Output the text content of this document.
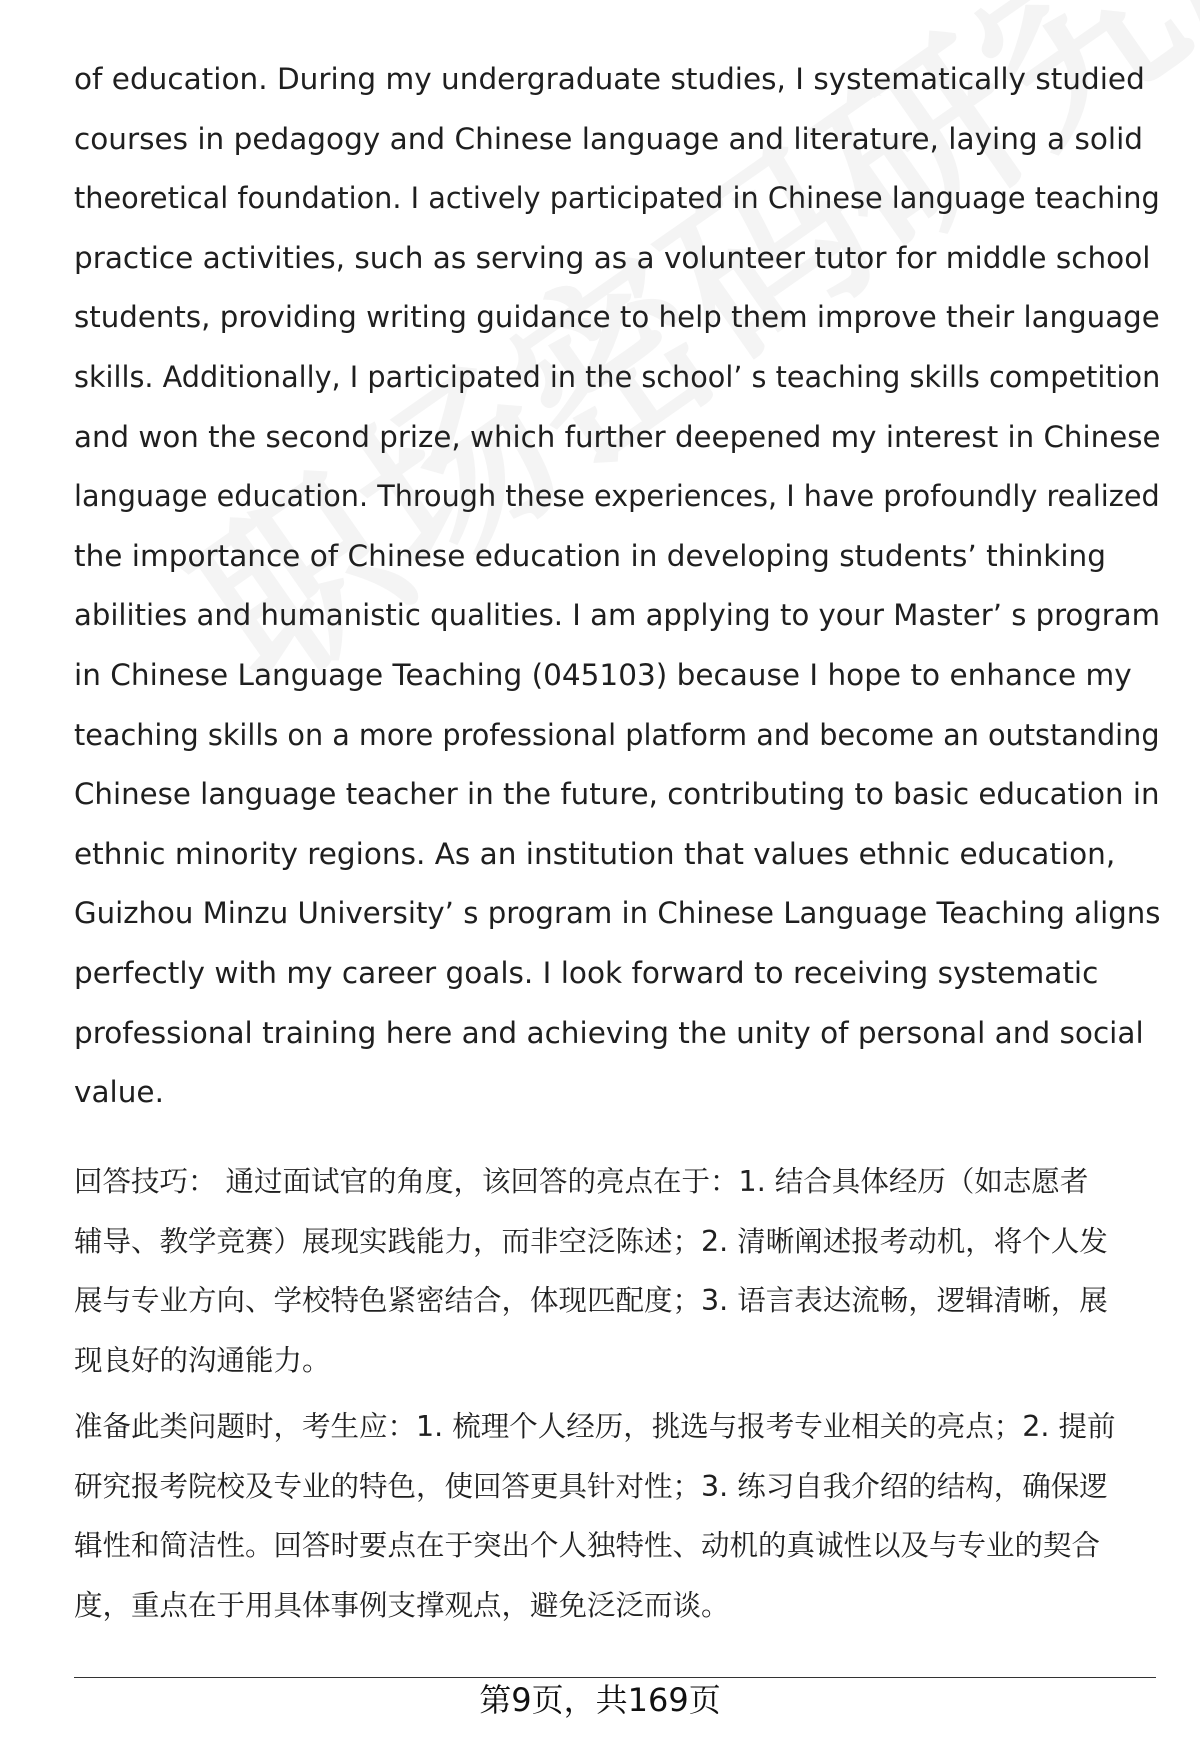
of education. During my undergraduate studies, I systematically studied
courses in pedagogy and Chinese language and literature, laying a solid
theoretical foundation. I actively participated in Chinese language teaching
practice activities, such as serving as a volunteer tutor for middle school
students, providing writing guidance to help them improve their language
skills. Additionally, I participated in the school’ s teaching skills competition
and won the second prize, which further deepened my interest in Chinese
language education. Through these experiences, I have profoundly realized
the importance of Chinese education in developing students’ thinking
abilities and humanistic qualities. I am applying to your Master’ s program
in Chinese Language Teaching (045103) because I hope to enhance my
teaching skills on a more professional platform and become an outstanding
Chinese language teacher in the future, contributing to basic education in
ethnic minority regions. As an institution that values ethnic education,
Guizhou Minzu University’ s program in Chinese Language Teaching aligns
perfectly with my career goals. I look forward to receiving systematic
professional training here and achieving the unity of personal and social
value.
回答技巧： 通过面试官的角度，该回答的亮点在于：1. 结合具体经历（如志愿者
辅导、教学竞赛）展现实践能力，而非空泛陈述；2. 清晰阐述报考动机，将个人发
展与专业方向、学校特色紧密结合，体现匹配度；3. 语言表达流畅，逻辑清晰，展
现良好的沟通能力。
准备此类问题时，考生应：1. 梳理个人经历，挑选与报考专业相关的亮点；2. 提前
研究报考院校及专业的特色，使回答更具针对性；3. 练习自我介绍的结构，确保逻
辑性和简洁性。回答时要点在于突出个人独特性、动机的真诚性以及与专业的契合
度，重点在于用具体事例支撑观点，避免泛泛而谈。
第9页，共169页
